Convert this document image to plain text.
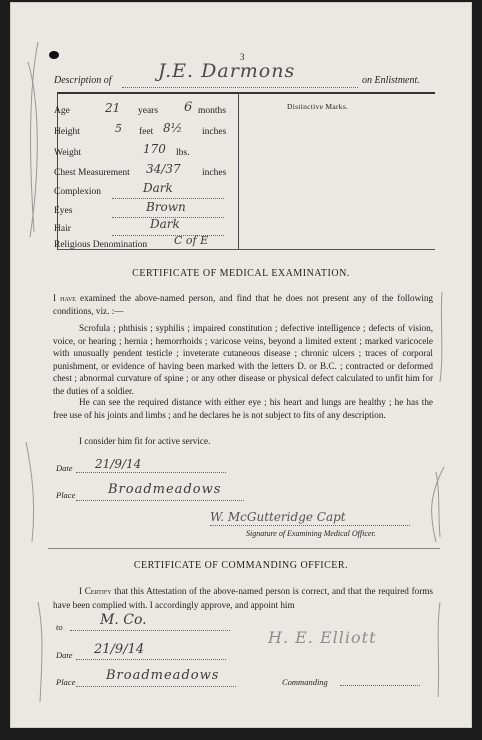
3
Description of J.E. Darmons	on Enlistment.
Distinctive Marks.
Age	21 years 6 months
Height	5 feet 8½ inches
Weight	170 lbs.
Chest Measurement 34/37 inches
Complexion	Dark
Eyes	Brown
Hair	Dark
Religious Denomination C of E
CERTIFICATE OF MEDICAL EXAMINATION.
I have examined the above-named person, and find that he does not present any of the following conditions, viz. :—
Scrofula ; phthisis ; syphilis ; impaired constitution ; defective intelligence ; defects of vision, voice, or hearing ; hernia ; hemorrhoids ; varicose veins, beyond a limited extent ; marked varicocele with unusually pendent testicle ; inveterate cutaneous disease ; chronic ulcers ; traces of corporal punishment, or evidence of having been marked with the letters D. or B.C. ; contracted or deformed chest ; abnormal curvature of spine ; or any other disease or physical defect calculated to unfit him for the duties of a soldier.
He can see the required distance with either eye ; his heart and lungs are healthy ; he has the free use of his joints and limbs ; and he declares he is not subject to fits of any description.
I consider him fit for active service.
Date 21/9/14
Place	Broadmeadows
W. McGutteridge Capt
Signature of Examining Medical Officer.
CERTIFICATE OF COMMANDING OFFICER.
I Certify that this Attestation of the above-named person is correct, and that the required forms have been complied with. I accordingly approve, and appoint him
to	M. Co.
Date 21/9/14
Place Broadmeadows
H. E. Elliott
Commanding
